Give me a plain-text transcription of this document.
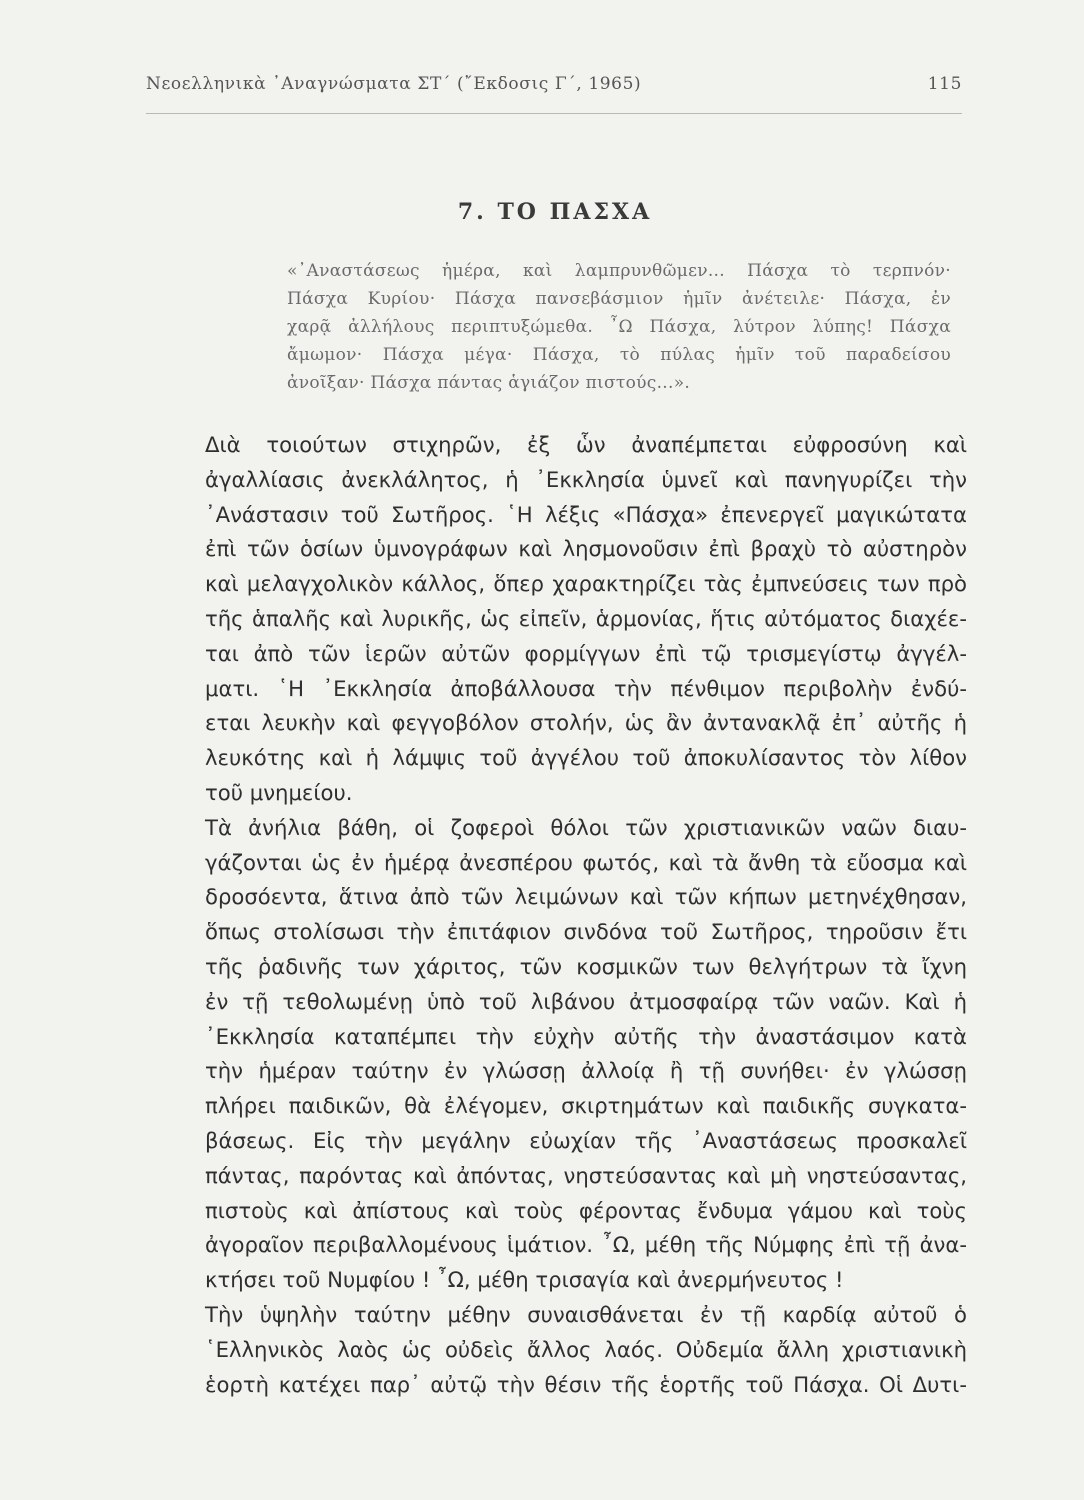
Νεοελληνικὰ ᾿Αναγνώσματα ΣΤ΄ (῎Εκδοσις Γ΄, 1965)	115
7. ΤΟ ΠΑΣΧΑ
«᾿Αναστάσεως ἡμέρα, καὶ λαμπρυνθῶμεν... Πάσχα τὸ τερπνόν·
Πάσχα Κυρίου· Πάσχα πανσεβάσμιον ἡμῖν ἀνέτειλε· Πάσχα, ἐν
χαρᾷ ἀλλήλους περιπτυξώμεθα. ῏Ω Πάσχα, λύτρον λύπης! Πάσχα
ἄμωμον· Πάσχα μέγα· Πάσχα, τὸ πύλας ἡμῖν τοῦ παραδείσου
ἀνοῖξαν· Πάσχα πάντας ἁγιάζον πιστούς...».
Διὰ τοιούτων στιχηρῶν, ἐξ ὧν ἀναπέμπεται εὐφροσύνη καὶ
ἀγαλλίασις ἀνεκλάλητος, ἡ ᾿Εκκλησία ὑμνεῖ καὶ πανηγυρίζει τὴν
᾿Ανάστασιν τοῦ Σωτῆρος. ῾Η λέξις «Πάσχα» ἐπενεργεῖ μαγικώτατα
ἐπὶ τῶν ὁσίων ὑμνογράφων καὶ λησμονοῦσιν ἐπὶ βραχὺ τὸ αὐστηρὸν
καὶ μελαγχολικὸν κάλλος, ὅπερ χαρακτηρίζει τὰς ἐμπνεύσεις των πρὸ
τῆς ἁπαλῆς καὶ λυρικῆς, ὡς εἰπεῖν, ἁρμονίας, ἥτις αὐτόματος διαχέε-
ται ἀπὸ τῶν ἱερῶν αὐτῶν φορμίγγων ἐπὶ τῷ τρισμεγίστῳ ἀγγέλ-
ματι. ῾Η ᾿Εκκλησία ἀποβάλλουσα τὴν πένθιμον περιβολὴν ἐνδύ-
εται λευκὴν καὶ φεγγοβόλον στολήν, ὡς ἂν ἀντανακλᾷ ἐπ᾿ αὐτῆς ἡ
λευκότης καὶ ἡ λάμψις τοῦ ἀγγέλου τοῦ ἀποκυλίσαντος τὸν λίθον
τοῦ μνημείου.
Τὰ ἀνήλια βάθη, οἱ ζοφεροὶ θόλοι τῶν χριστιανικῶν ναῶν διαυ-
γάζονται ὡς ἐν ἡμέρᾳ ἀνεσπέρου φωτός, καὶ τὰ ἄνθη τὰ εὔοσμα καὶ
δροσόεντα, ἅτινα ἀπὸ τῶν λειμώνων καὶ τῶν κήπων μετηνέχθησαν,
ὅπως στολίσωσι τὴν ἐπιτάφιον σινδόνα τοῦ Σωτῆρος, τηροῦσιν ἔτι
τῆς ῥαδινῆς των χάριτος, τῶν κοσμικῶν των θελγήτρων τὰ ἴχνη
ἐν τῇ τεθολωμένῃ ὑπὸ τοῦ λιβάνου ἀτμοσφαίρᾳ τῶν ναῶν. Καὶ ἡ
᾿Εκκλησία καταπέμπει τὴν εὐχὴν αὐτῆς τὴν ἀναστάσιμον κατὰ
τὴν ἡμέραν ταύτην ἐν γλώσσῃ ἀλλοίᾳ ἢ τῇ συνήθει· ἐν γλώσσῃ
πλήρει παιδικῶν, θὰ ἐλέγομεν, σκιρτημάτων καὶ παιδικῆς συγκατα-
βάσεως. Εἰς τὴν μεγάλην εὐωχίαν τῆς ᾿Αναστάσεως προσκαλεῖ
πάντας, παρόντας καὶ ἀπόντας, νηστεύσαντας καὶ μὴ νηστεύσαντας,
πιστοὺς καὶ ἀπίστους καὶ τοὺς φέροντας ἔνδυμα γάμου καὶ τοὺς
ἀγοραῖον περιβαλλομένους ἱμάτιον. ῏Ω, μέθη τῆς Νύμφης ἐπὶ τῇ ἀνα-
κτήσει τοῦ Νυμφίου ! ῏Ω, μέθη τρισαγία καὶ ἀνερμήνευτος !
Τὴν ὑψηλὴν ταύτην μέθην συναισθάνεται ἐν τῇ καρδίᾳ αὐτοῦ ὁ
῾Ελληνικὸς λαὸς ὡς οὐδεὶς ἄλλος λαός. Οὐδεμία ἄλλη χριστιανικὴ
ἑορτὴ κατέχει παρ᾿ αὐτῷ τὴν θέσιν τῆς ἑορτῆς τοῦ Πάσχα. Οἱ Δυτι-
